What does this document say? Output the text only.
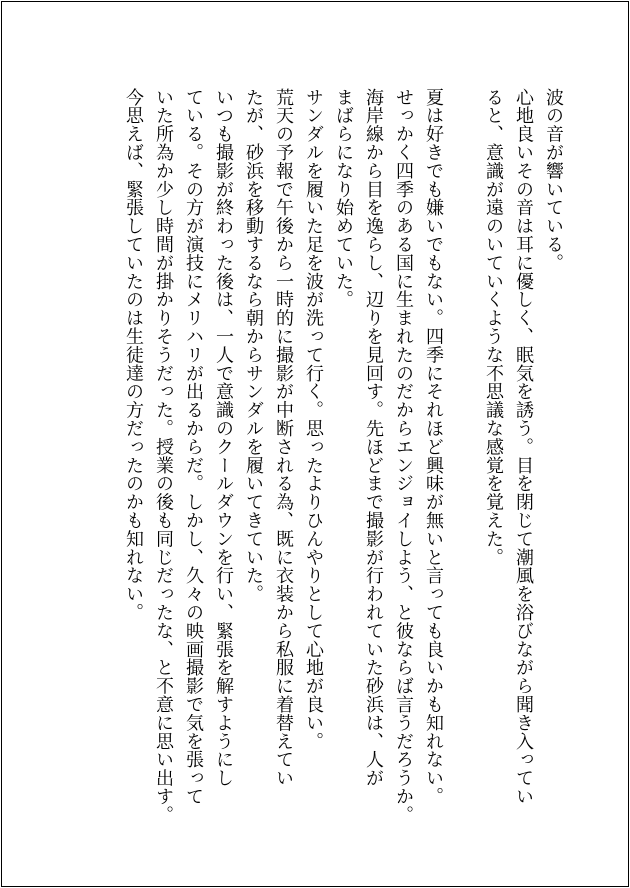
波の音が響いている。

心地良いその音は耳に優しく、眠気を誘う。目を閉じて潮風を浴びながら聞き入ってい

ると、意識が遠のいていくような不思議な感覚を覚えた。

夏は好きでも嫌いでもない。四季にそれほど興味が無いと言っても良いかも知れない。

せっかく四季のある国に生まれたのだからエンジョイしよう、と彼ならば言うだろうか。

海岸線から目を逸らし、辺りを見回す。先ほどまで撮影が行われていた砂浜は、人が

まばらになり始めていた。

サンダルを履いた足を波が洗って行く。思ったよりひんやりとして心地が良い。

荒天の予報で午後から一時的に撮影が中断される為、既に衣装から私服に着替えてい

たが、砂浜を移動するなら朝からサンダルを履いてきていた。

いつも撮影が終わった後は、一人で意識のクールダウンを行い、緊張を解すようにし

ている。その方が演技にメリハリが出るからだ。しかし、久々の映画撮影で気を張って

いた所為か少し時間が掛かりそうだった。授業の後も同じだったな、と不意に思い出す。

今思えば、緊張していたのは生徒達の方だったのかも知れない。
